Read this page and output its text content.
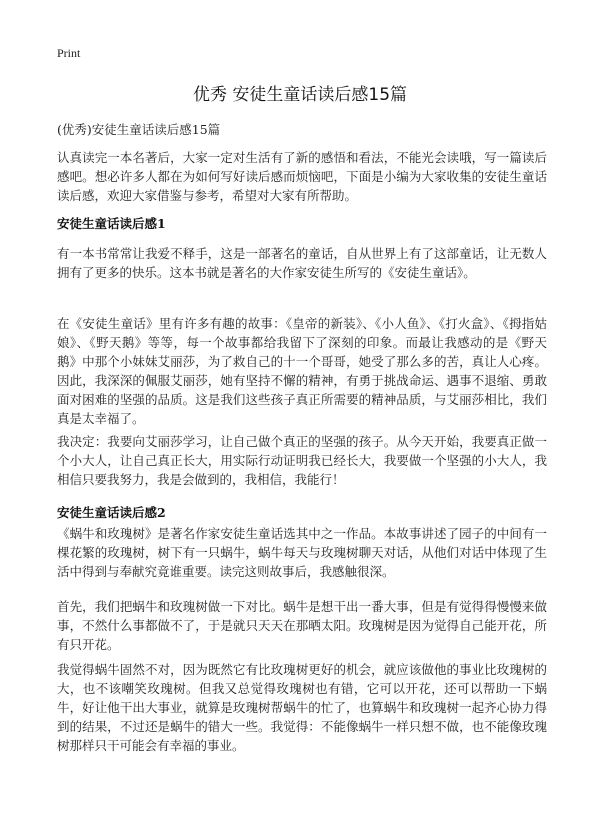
Print
优秀 安徒生童话读后感15篇
(优秀)安徒生童话读后感15篇

认真读完一本名著后，大家一定对生活有了新的感悟和看法，不能光会读哦，写一篇读后感吧。想必许多人都在为如何写好读后感而烦恼吧，下面是小编为大家收集的安徒生童话读后感，欢迎大家借鉴与参考，希望对大家有所帮助。

安徒生童话读后感1

有一本书常常让我爱不释手，这是一部著名的童话，自从世界上有了这部童话，让无数人拥有了更多的快乐。这本书就是著名的大作家安徒生所写的《安徒生童话》。

在《安徒生童话》里有许多有趣的故事：《皇帝的新装》、《小人鱼》、《打火盒》、《拇指姑娘》、《野天鹅》等等，每一个故事都给我留下了深刻的印象。而最让我感动的是《野天鹅》中那个小妹妹艾丽莎，为了救自己的十一个哥哥，她受了那么多的苦，真让人心疼。因此，我深深的佩服艾丽莎，她有坚持不懈的精神，有勇于挑战命运、遇事不退缩、勇敢面对困难的坚强的品质。这是我们这些孩子真正所需要的精神品质，与艾丽莎相比，我们真是太幸福了。

我决定：我要向艾丽莎学习，让自己做个真正的坚强的孩子。从今天开始，我要真正做一个小大人，让自己真正长大，用实际行动证明我已经长大，我要做一个坚强的小大人，我相信只要我努力，我是会做到的，我相信，我能行！

安徒生童话读后感2

《蜗牛和玫瑰树》是著名作家安徒生童话选其中之一作品。本故事讲述了园子的中间有一棵花繁的玫瑰树，树下有一只蜗牛，蜗牛每天与玫瑰树聊天对话，从他们对话中体现了生活中得到与奉献究竟谁重要。读完这则故事后，我感触很深。

首先，我们把蜗牛和玫瑰树做一下对比。蜗牛是想干出一番大事，但是有觉得得慢慢来做事，不然什么事都做不了，于是就只天天在那晒太阳。玫瑰树是因为觉得自己能开花，所有只开花。

我觉得蜗牛固然不对，因为既然它有比玫瑰树更好的机会，就应该做他的事业比玫瑰树的大，也不该嘲笑玫瑰树。但我又总觉得玫瑰树也有错，它可以开花，还可以帮助一下蜗牛，好让他干出大事业，就算是玫瑰树帮蜗牛的忙了，也算蜗牛和玫瑰树一起齐心协力得到的结果，不过还是蜗牛的错大一些。我觉得：不能像蜗牛一样只想不做，也不能像玫瑰树那样只干可能会有幸福的事业。
